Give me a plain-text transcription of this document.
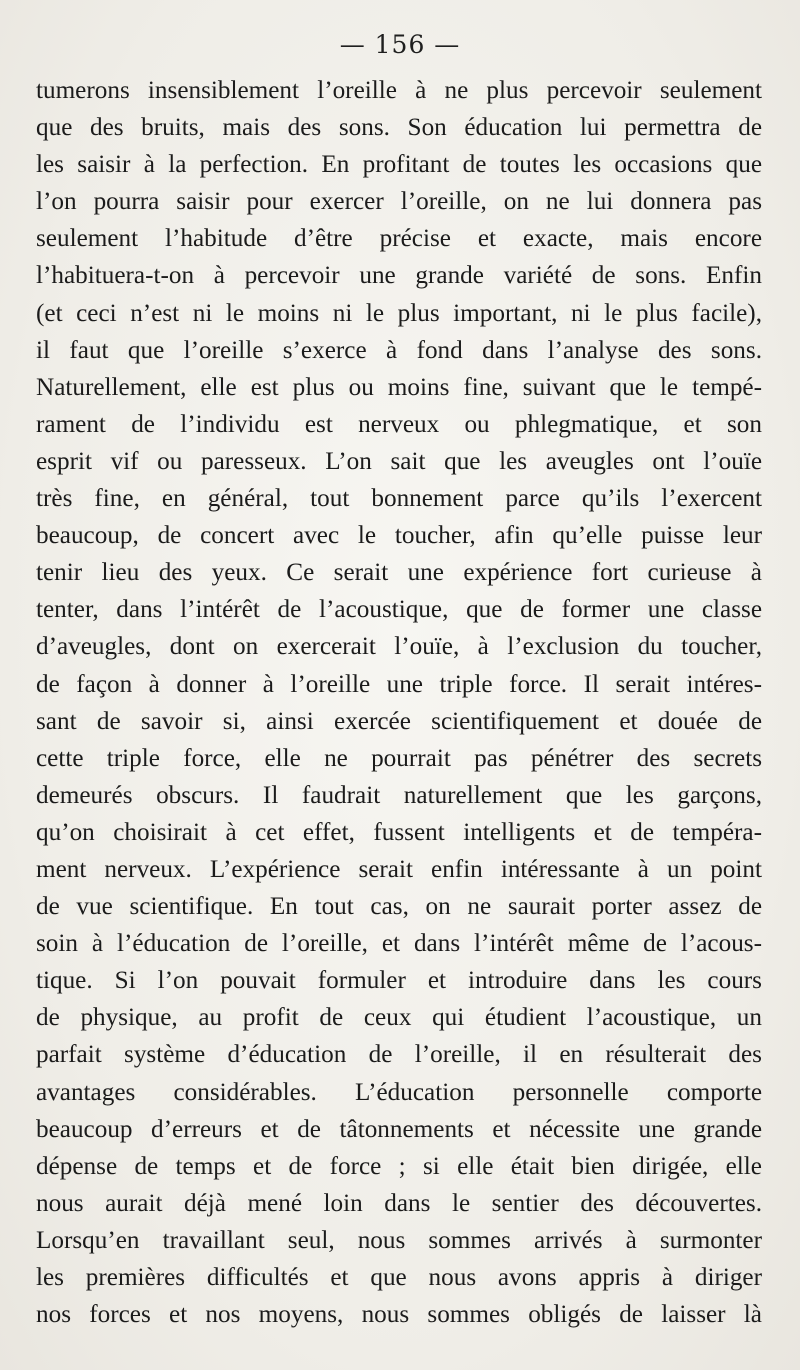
— 156 —
tumerons insensiblement l’oreille à ne plus percevoir seulement
que des bruits, mais des sons. Son éducation lui permettra de
les saisir à la perfection. En profitant de toutes les occasions que
l’on pourra saisir pour exercer l’oreille, on ne lui donnera pas
seulement l’habitude d’être précise et exacte, mais encore
l’habituera-t-on à percevoir une grande variété de sons. Enfin
(et ceci n’est ni le moins ni le plus important, ni le plus facile),
il faut que l’oreille s’exerce à fond dans l’analyse des sons.
Naturellement, elle est plus ou moins fine, suivant que le tempé-
rament de l’individu est nerveux ou phlegmatique, et son
esprit vif ou paresseux. L’on sait que les aveugles ont l’ouïe
très fine, en général, tout bonnement parce qu’ils l’exercent
beaucoup, de concert avec le toucher, afin qu’elle puisse leur
tenir lieu des yeux. Ce serait une expérience fort curieuse à
tenter, dans l’intérêt de l’acoustique, que de former une classe
d’aveugles, dont on exercerait l’ouïe, à l’exclusion du toucher,
de façon à donner à l’oreille une triple force. Il serait intéres-
sant de savoir si, ainsi exercée scientifiquement et douée de
cette triple force, elle ne pourrait pas pénétrer des secrets
demeurés obscurs. Il faudrait naturellement que les garçons,
qu’on choisirait à cet effet, fussent intelligents et de tempéra-
ment nerveux. L’expérience serait enfin intéressante à un point
de vue scientifique. En tout cas, on ne saurait porter assez de
soin à l’éducation de l’oreille, et dans l’intérêt même de l’acous-
tique. Si l’on pouvait formuler et introduire dans les cours
de physique, au profit de ceux qui étudient l’acoustique, un
parfait système d’éducation de l’oreille, il en résulterait des
avantages considérables. L’éducation personnelle comporte
beaucoup d’erreurs et de tâtonnements et nécessite une grande
dépense de temps et de force ; si elle était bien dirigée, elle
nous aurait déjà mené loin dans le sentier des découvertes.
Lorsqu’en travaillant seul, nous sommes arrivés à surmonter
les premières difficultés et que nous avons appris à diriger
nos forces et nos moyens, nous sommes obligés de laisser là
